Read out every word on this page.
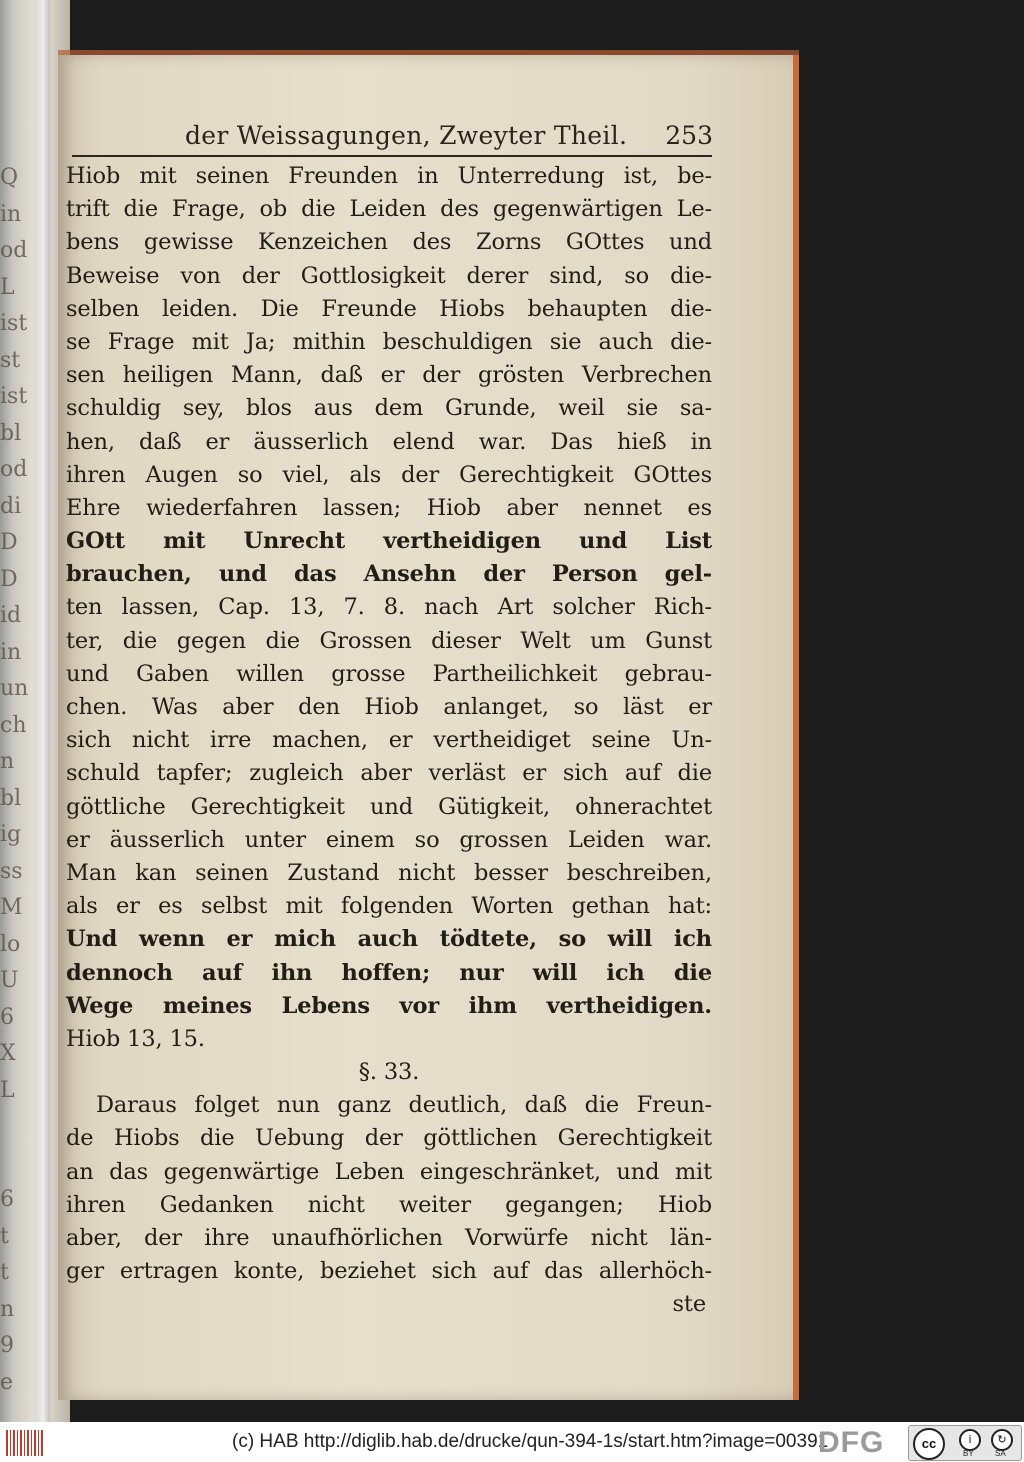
Q
in
od
L
ist
st
ist
bl
od
di
D
D
id
in
un
ch
n
bl
ig
ss
M
lo
U
6
X
L

6
t
t
n
9
e
der Weissagungen, Zweyter Theil. 253
Hiob mit seinen Freunden in Unterredung ist, be-
trift die Frage, ob die Leiden des gegenwärtigen Le-
bens gewisse Kenzeichen des Zorns GOttes und
Beweise von der Gottlosigkeit derer sind, so die-
selben leiden. Die Freunde Hiobs behaupten die-
se Frage mit Ja; mithin beschuldigen sie auch die-
sen heiligen Mann, daß er der grösten Verbrechen
schuldig sey, blos aus dem Grunde, weil sie sa-
hen, daß er äusserlich elend war. Das hieß in
ihren Augen so viel, als der Gerechtigkeit GOttes
Ehre wiederfahren lassen; Hiob aber nennet es
GOtt mit Unrecht vertheidigen und List
brauchen, und das Ansehn der Person gel-
ten lassen, Cap. 13, 7. 8. nach Art solcher Rich-
ter, die gegen die Grossen dieser Welt um Gunst
und Gaben willen grosse Partheilichkeit gebrau-
chen. Was aber den Hiob anlanget, so läst er
sich nicht irre machen, er vertheidiget seine Un-
schuld tapfer; zugleich aber verläst er sich auf die
göttliche Gerechtigkeit und Gütigkeit, ohnerachtet
er äusserlich unter einem so grossen Leiden war.
Man kan seinen Zustand nicht besser beschreiben,
als er es selbst mit folgenden Worten gethan hat:
Und wenn er mich auch tödtete, so will ich
dennoch auf ihn hoffen; nur will ich die
Wege meines Lebens vor ihm vertheidigen.
Hiob 13, 15.
§. 33.
Daraus folget nun ganz deutlich, daß die Freun-
de Hiobs die Uebung der göttlichen Gerechtigkeit
an das gegenwärtige Leben eingeschränket, und mit
ihren Gedanken nicht weiter gegangen; Hiob
aber, der ihre unaufhörlichen Vorwürfe nicht län-
ger ertragen konte, beziehet sich auf das allerhöch-
ste
(c) HAB http://diglib.hab.de/drucke/qun-394-1s/start.htm?image=00391
DFG	cc	i	↻
BY	SA
